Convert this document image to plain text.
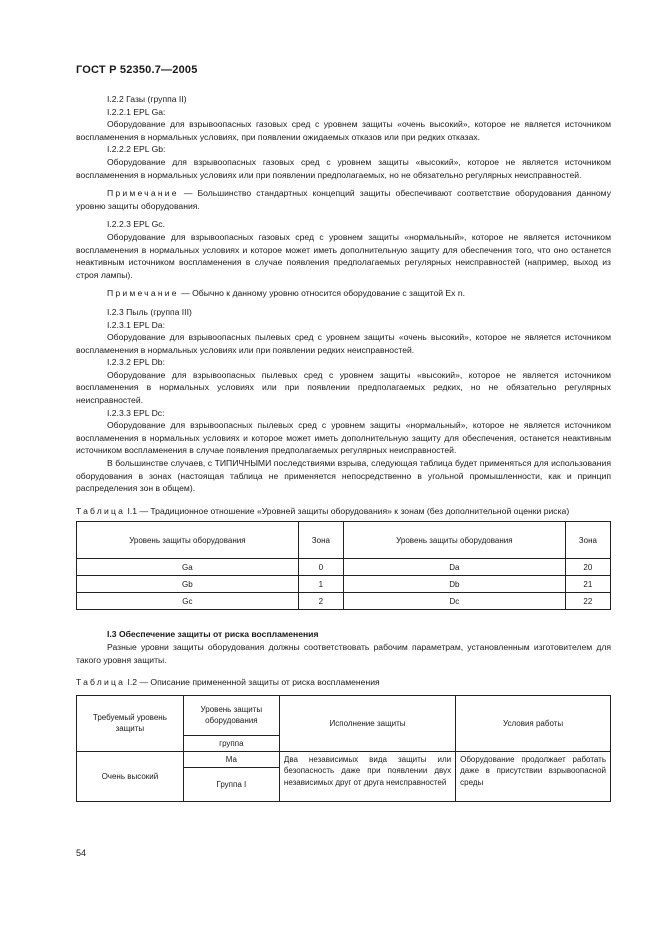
ГОСТ Р 52350.7—2005

I.2.2 Газы (группа II)

I.2.2.1 EPL Ga:

Оборудование для взрывоопасных газовых сред с уровнем защиты «очень высокий», которое не является источником воспламенения в нормальных условиях, при появлении ожидаемых отказов или при редких отказах.

I.2.2.2 EPL Gb:

Оборудование для взрывоопасных газовых сред с уровнем защиты «высокий», которое не является источником воспламенения в нормальных условиях или при появлении предполагаемых, но не обязательно регулярных неисправностей.

Примечание — Большинство стандартных концепций защиты обеспечивают соответствие оборудования данному уровню защиты оборудования.

I.2.2.3 EPL Gc.

Оборудование для взрывоопасных газовых сред с уровнем защиты «нормальный», которое не является источником воспламенения в нормальных условиях и которое может иметь дополнительную защиту для обеспечения того, что оно останется неактивным источником воспламенения в случае появления предполагаемых регулярных неисправностей (например, выход из строя лампы).

Примечание — Обычно к данному уровню относится оборудование с защитой Ex n.

I.2.3 Пыль (группа III)

I.2.3.1 EPL Da:

Оборудование для взрывоопасных пылевых сред с уровнем защиты «очень высокий», которое не является источником воспламенения в нормальных условиях или при появлении редких неисправностей.

I.2.3.2 EPL Db:

Оборудование для взрывоопасных пылевых сред с уровнем защиты «высокий», которое не является источником воспламенения в нормальных условиях или при появлении предполагаемых редких, но не обязательно регулярных неисправностей.

I.2.3.3 EPL Dc:

Оборудование для взрывоопасных пылевых сред с уровнем защиты «нормальный», которое не является источником воспламенения в нормальных условиях и которое может иметь дополнительную защиту для обеспечения, останется неактивным источником воспламенения в случае появления предполагаемых регулярных неисправностей.

В большинстве случаев, с ТИПИЧНЫМИ последствиями взрыва, следующая таблица будет применяться для использования оборудования в зонах (настоящая таблица не применяется непосредственно в угольной промышленности, как и принцип распределения зон в общем).

Таблица I.1 — Традиционное отношение «Уровней защиты оборудования» к зонам (без дополнительной оценки риска)

Уровень защиты оборудования	Зона	Уровень защиты оборудования	Зона
Ga	0	Da	20
Gb	1	Db	21
Gc	2	Dc	22

I.3 Обеспечение защиты от риска воспламенения

Разные уровни защиты оборудования должны соответствовать рабочим параметрам, установленным изготовителем для такого уровня защиты.

Таблица I.2 — Описание примененной защиты от риска воспламенения

Требуемый уровень защиты	Уровень защиты оборудования	Исполнение защиты	Условия работы
	группа		
Очень высокий	Ma	Два независимых вида защиты или безопасность даже при появлении двух независимых друг от друга неисправностей	Оборудование продолжает работать даже в присутствии взрывоопасной среды
	Группа I		
54
